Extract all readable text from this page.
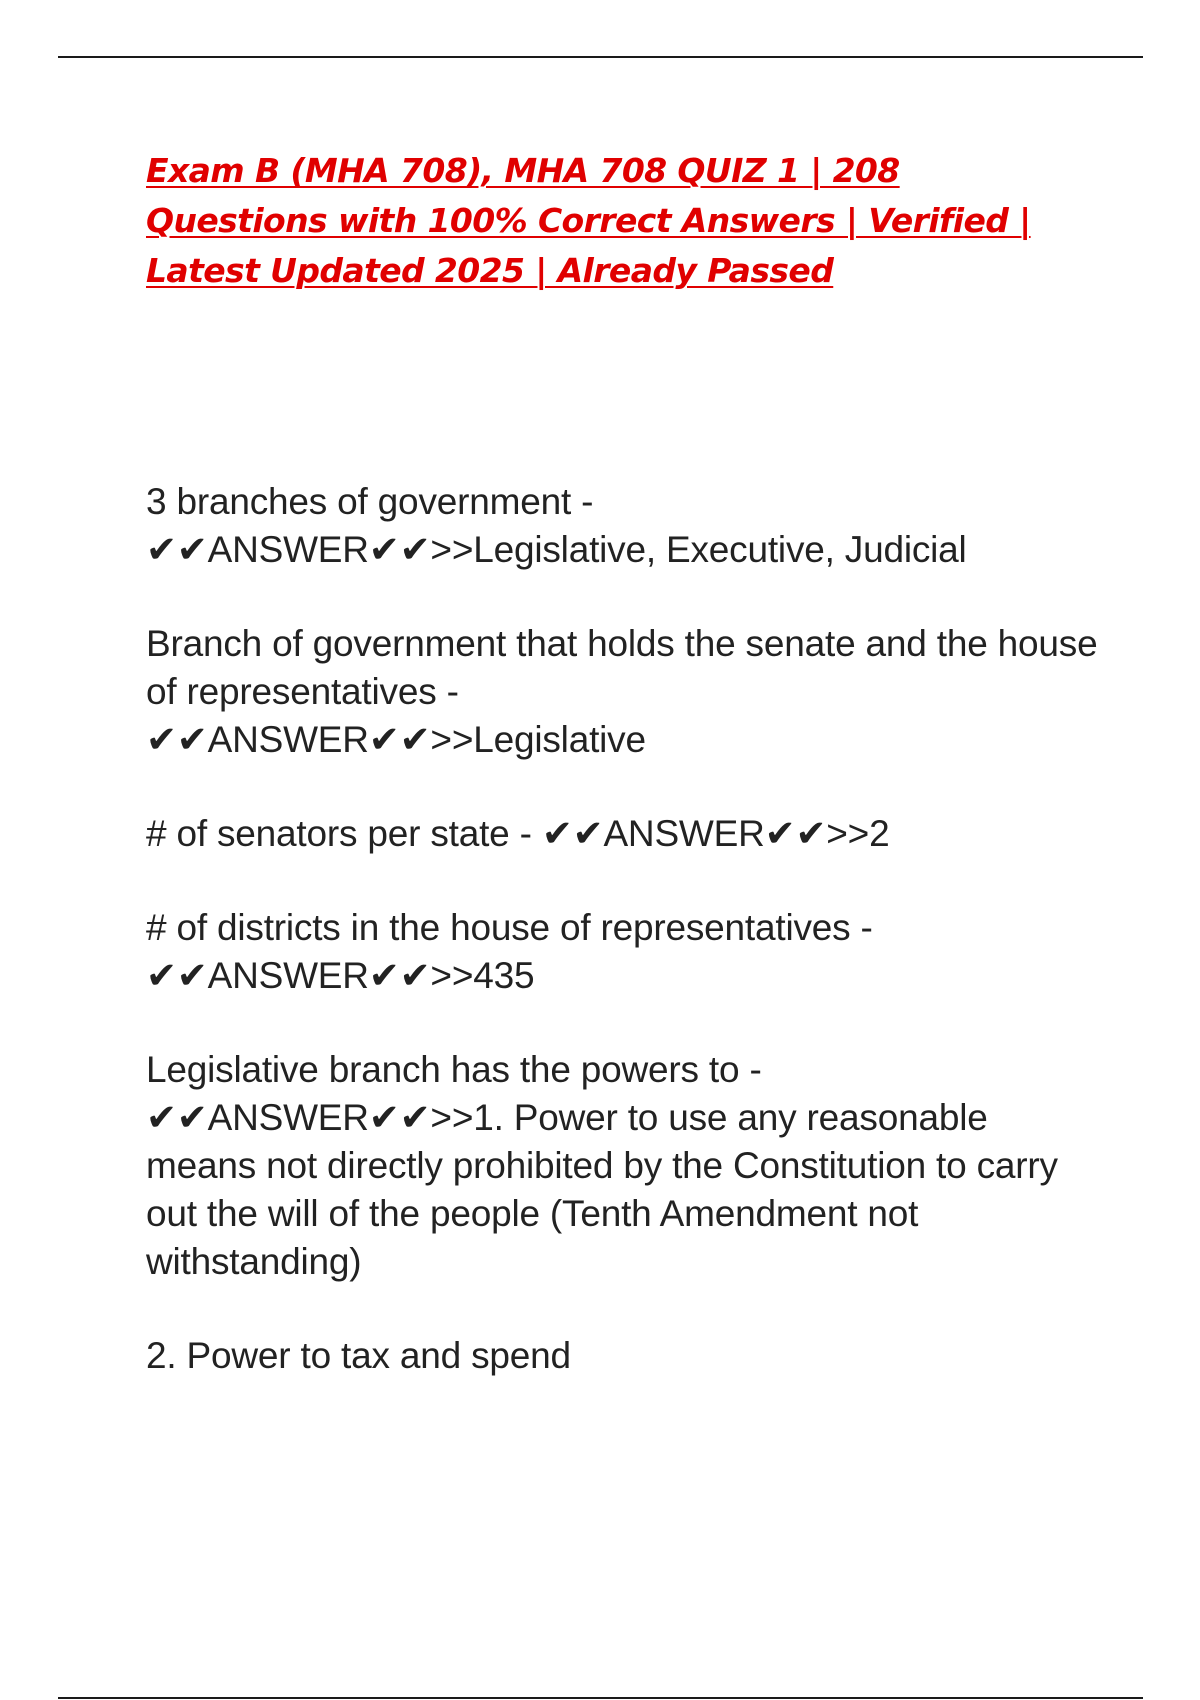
Exam B (MHA 708), MHA 708 QUIZ 1 | 208 Questions with 100% Correct Answers | Verified | Latest Updated 2025 | Already Passed
3 branches of government -
✔✔ANSWER✔✔>>Legislative, Executive, Judicial
Branch of government that holds the senate and the house of representatives -
✔✔ANSWER✔✔>>Legislative
# of senators per state - ✔✔ANSWER✔✔>>2
# of districts in the house of representatives -
✔✔ANSWER✔✔>>435
Legislative branch has the powers to -
✔✔ANSWER✔✔>>1. Power to use any reasonable means not directly prohibited by the Constitution to carry out the will of the people (Tenth Amendment not withstanding)
2. Power to tax and spend
